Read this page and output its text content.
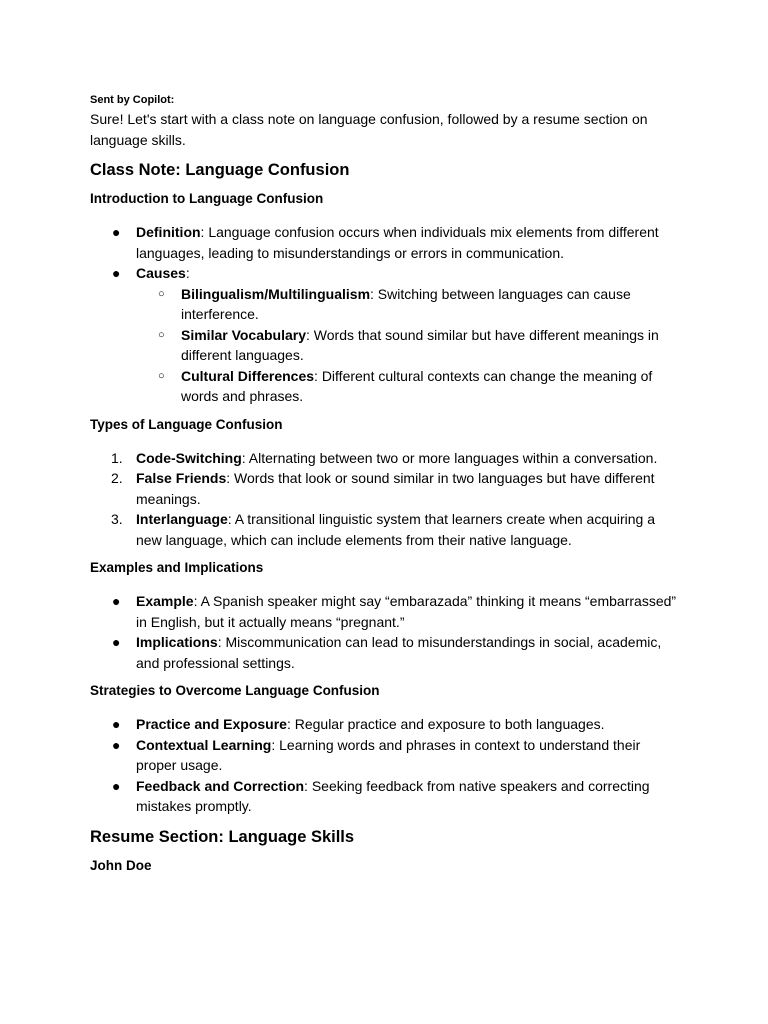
Sent by Copilot:

Sure! Let's start with a class note on language confusion, followed by a resume section on language skills.

Class Note: Language Confusion
Introduction to Language Confusion
● Definition: Language confusion occurs when individuals mix elements from different languages, leading to misunderstandings or errors in communication.
● Causes:
○ Bilingualism/Multilingualism: Switching between languages can cause interference.
○ Similar Vocabulary: Words that sound similar but have different meanings in different languages.
○ Cultural Differences: Different cultural contexts can change the meaning of words and phrases.
Types of Language Confusion
1. Code-Switching: Alternating between two or more languages within a conversation.
2. False Friends: Words that look or sound similar in two languages but have different meanings.
3. Interlanguage: A transitional linguistic system that learners create when acquiring a new language, which can include elements from their native language.
Examples and Implications
● Example: A Spanish speaker might say “embarazada” thinking it means “embarrassed” in English, but it actually means “pregnant.”
● Implications: Miscommunication can lead to misunderstandings in social, academic, and professional settings.
Strategies to Overcome Language Confusion
● Practice and Exposure: Regular practice and exposure to both languages.
● Contextual Learning: Learning words and phrases in context to understand their proper usage.
● Feedback and Correction: Seeking feedback from native speakers and correcting mistakes promptly.
Resume Section: Language Skills
John Doe
